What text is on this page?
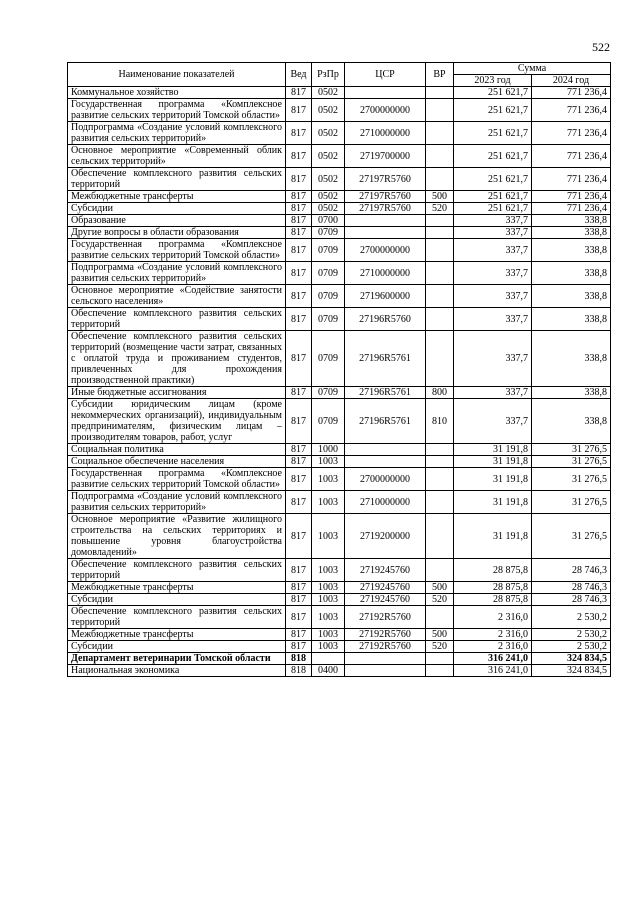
522
Наименование показателей	Вед	РзПр	ЦСР	ВР	Сумма	
					2023 год	2024 год
Коммунальное хозяйство	817	0502			251 621,7	771 236,4
Государственная программа «Комплексное развитие сельских территорий Томской области»	817	0502	2700000000		251 621,7	771 236,4
Подпрограмма «Создание условий комплексного развития сельских территорий»	817	0502	2710000000		251 621,7	771 236,4
Основное мероприятие «Современный облик сельских территорий»	817	0502	2719700000		251 621,7	771 236,4
Обеспечение комплексного развития сельских территорий	817	0502	27197R5760		251 621,7	771 236,4
Межбюджетные трансферты	817	0502	27197R5760	500	251 621,7	771 236,4
Субсидии	817	0502	27197R5760	520	251 621,7	771 236,4
Образование	817	0700			337,7	338,8
Другие вопросы в области образования	817	0709			337,7	338,8
Государственная программа «Комплексное развитие сельских территорий Томской области»	817	0709	2700000000		337,7	338,8
Подпрограмма «Создание условий комплексного развития сельских территорий»	817	0709	2710000000		337,7	338,8
Основное мероприятие «Содействие занятости сельского населения»	817	0709	2719600000		337,7	338,8
Обеспечение комплексного развития сельских территорий	817	0709	27196R5760		337,7	338,8
Обеспечение комплексного развития сельских территорий (возмещение части затрат, связанных с оплатой труда и проживанием студентов, привлеченных для прохождения производственной практики)	817	0709	27196R5761		337,7	338,8
Иные бюджетные ассигнования	817	0709	27196R5761	800	337,7	338,8
Субсидии юридическим лицам (кроме некоммерческих организаций), индивидуальным предпринимателям, физическим лицам – производителям товаров, работ, услуг	817	0709	27196R5761	810	337,7	338,8
Социальная политика	817	1000			31 191,8	31 276,5
Социальное обеспечение населения	817	1003			31 191,8	31 276,5
Государственная программа «Комплексное развитие сельских территорий Томской области»	817	1003	2700000000		31 191,8	31 276,5
Подпрограмма «Создание условий комплексного развития сельских территорий»	817	1003	2710000000		31 191,8	31 276,5
Основное мероприятие «Развитие жилищного строительства на сельских территориях и повышение уровня благоустройства домовладений»	817	1003	2719200000		31 191,8	31 276,5
Обеспечение комплексного развития сельских территорий	817	1003	2719245760		28 875,8	28 746,3
Межбюджетные трансферты	817	1003	2719245760	500	28 875,8	28 746,3
Субсидии	817	1003	2719245760	520	28 875,8	28 746,3
Обеспечение комплексного развития сельских территорий	817	1003	27192R5760		2 316,0	2 530,2
Межбюджетные трансферты	817	1003	27192R5760	500	2 316,0	2 530,2
Субсидии	817	1003	27192R5760	520	2 316,0	2 530,2
Департамент ветеринарии Томской области	818				316 241,0	324 834,5
Национальная экономика	818	0400			316 241,0	324 834,5
